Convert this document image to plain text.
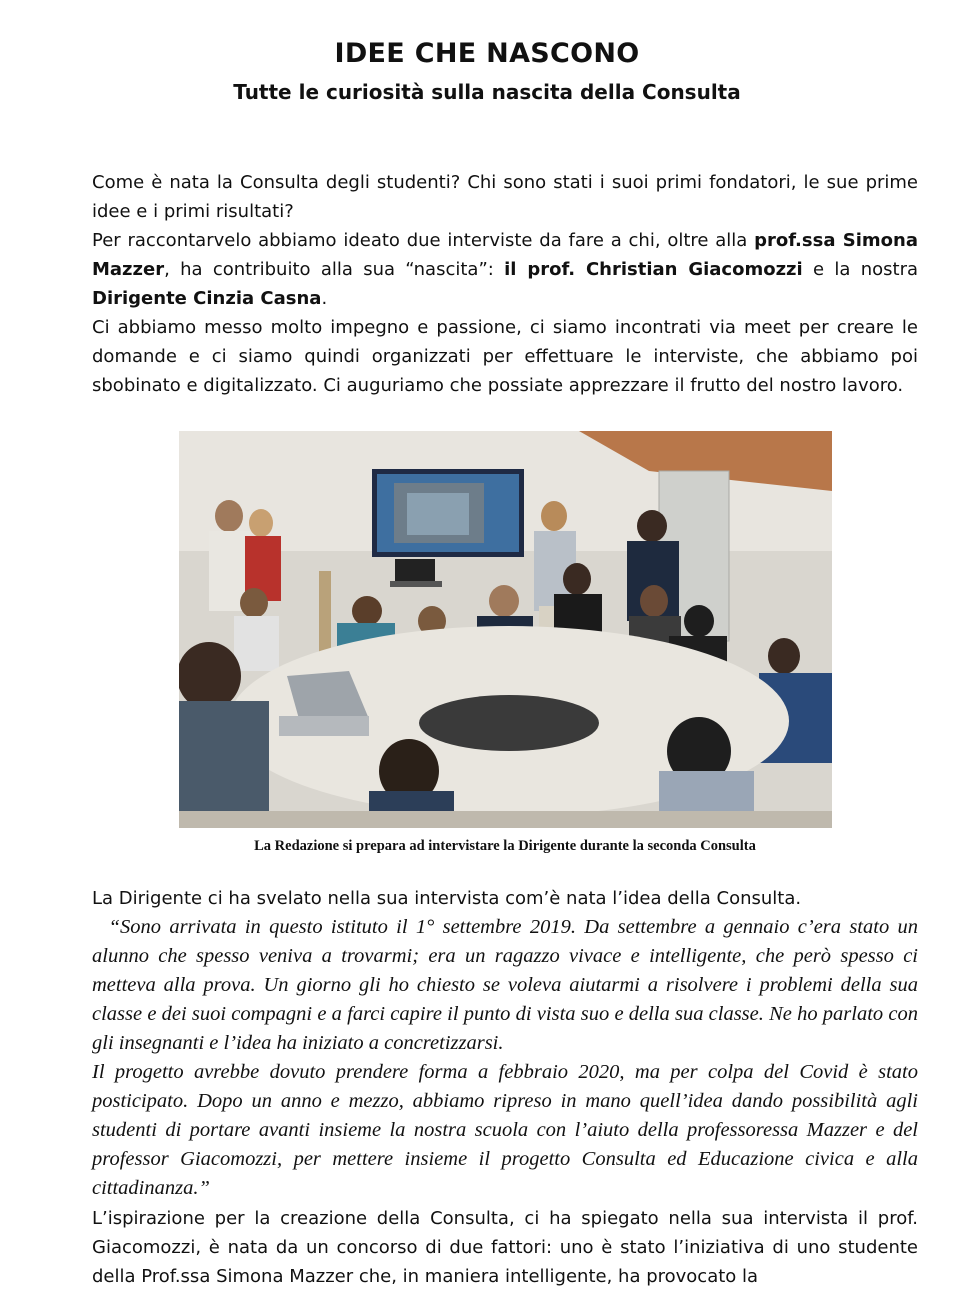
IDEE CHE NASCONO
Tutte le curiosità sulla nascita della Consulta

Come è nata la Consulta degli studenti? Chi sono stati i suoi primi fondatori, le sue prime idee e i primi risultati?

Per raccontarvelo abbiamo ideato due interviste da fare a chi, oltre alla prof.ssa Simona Mazzer, ha contribuito alla sua “nascita”: il prof. Christian Giacomozzi e la nostra Dirigente Cinzia Casna.

Ci abbiamo messo molto impegno e passione, ci siamo incontrati via meet per creare le domande e ci siamo quindi organizzati per effettuare le interviste, che abbiamo poi sbobinato e digitalizzato. Ci auguriamo che possiate apprezzare il frutto del nostro lavoro.

La Redazione si prepara ad intervistare la Dirigente durante la seconda Consulta
La Dirigente ci ha svelato nella sua intervista com’è nata l’idea della Consulta.

“Sono arrivata in questo istituto il 1° settembre 2019. Da settembre a gennaio c’era stato un alunno che spesso veniva a trovarmi; era un ragazzo vivace e intelligente, che però spesso ci metteva alla prova. Un giorno gli ho chiesto se voleva aiutarmi a risolvere i problemi della sua classe e dei suoi compagni e a farci capire il punto di vista suo e della sua classe. Ne ho parlato con gli insegnanti e l’idea ha iniziato a concretizzarsi.

Il progetto avrebbe dovuto prendere forma a febbraio 2020, ma per colpa del Covid è stato posticipato. Dopo un anno e mezzo, abbiamo ripreso in mano quell’idea dando possibilità agli studenti di portare avanti insieme la nostra scuola con l’aiuto della professoressa Mazzer e del professor Giacomozzi, per mettere insieme il progetto Consulta ed Educazione civica e alla cittadinanza.”

L’ispirazione per la creazione della Consulta, ci ha spiegato nella sua intervista il prof. Giacomozzi, è nata da un concorso di due fattori: uno è stato l’iniziativa di uno studente della Prof.ssa Simona Mazzer che, in maniera intelligente, ha provocato la
